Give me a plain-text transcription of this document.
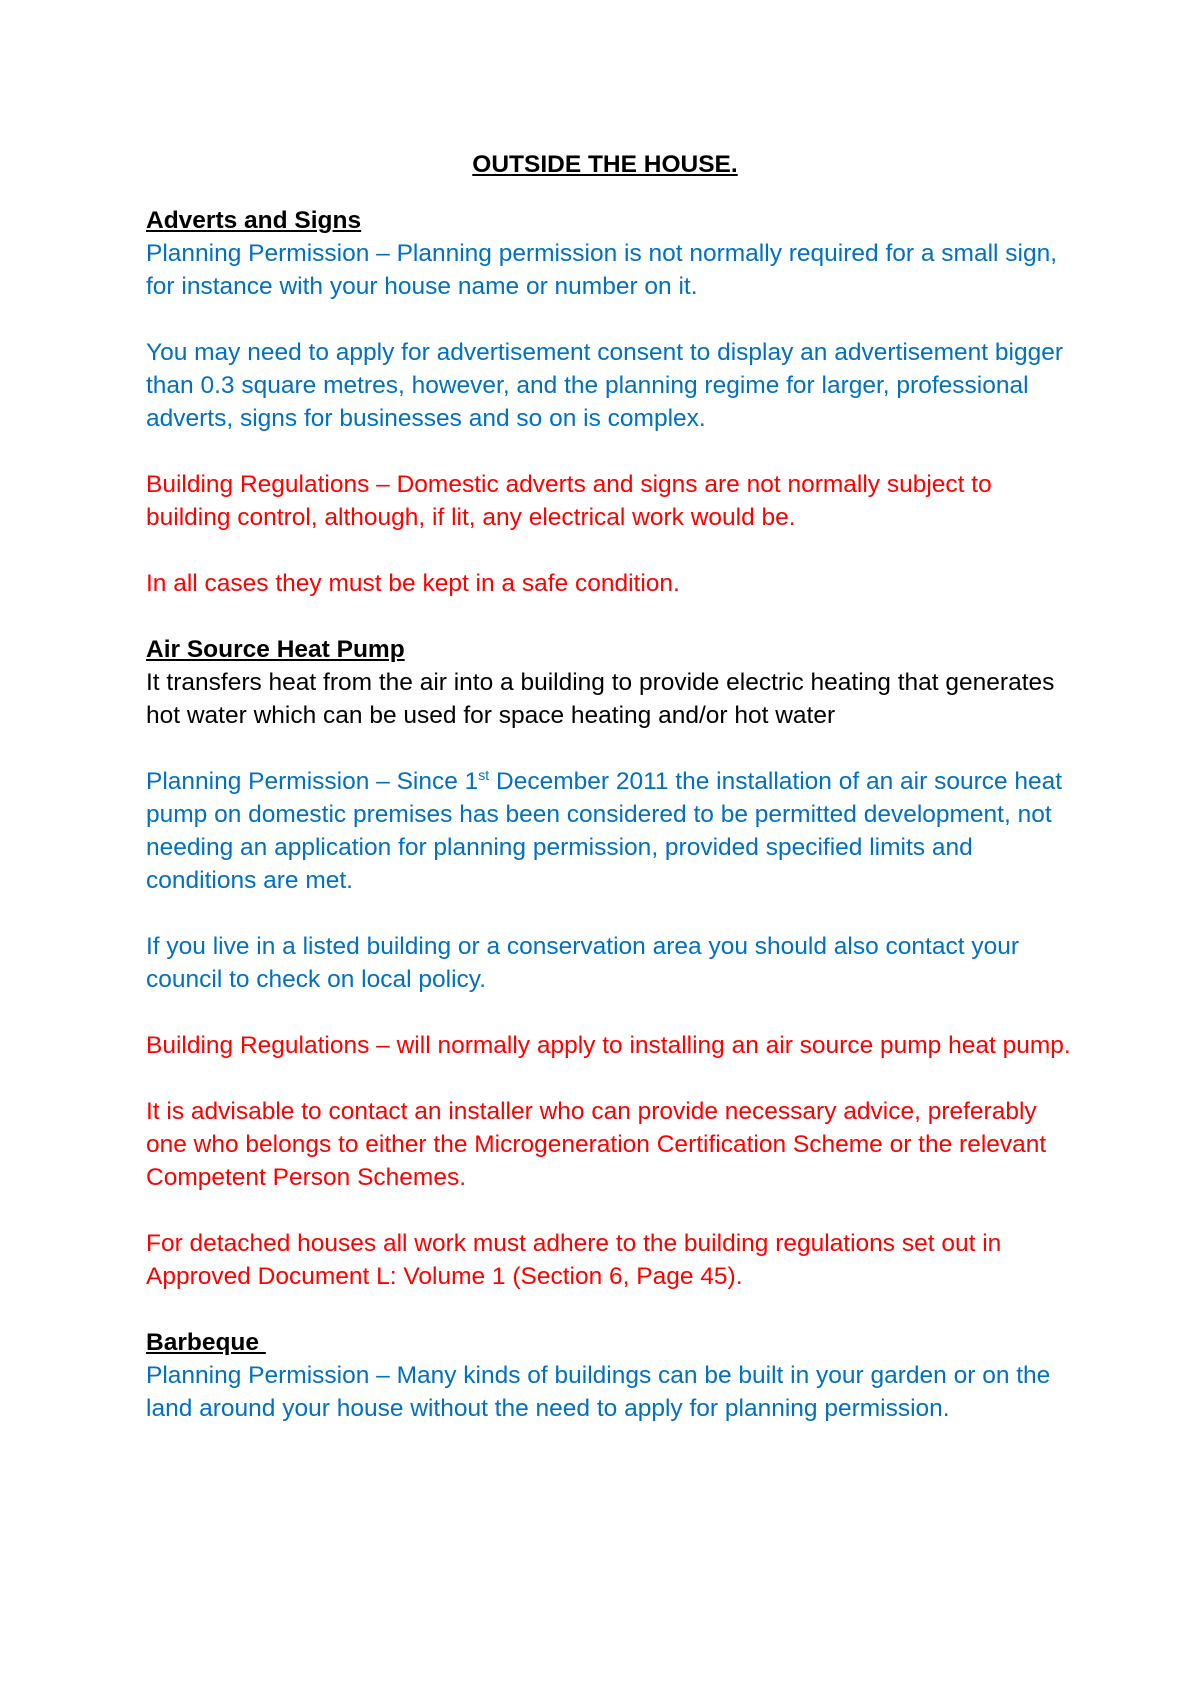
OUTSIDE THE HOUSE.
Adverts and Signs

Planning Permission – Planning permission is not normally required for a small sign, for instance with your house name or number on it.

You may need to apply for advertisement consent to display an advertisement bigger than 0.3 square metres, however, and the planning regime for larger, professional adverts, signs for businesses and so on is complex.

Building Regulations – Domestic adverts and signs are not normally subject to building control, although, if lit, any electrical work would be.

In all cases they must be kept in a safe condition.

Air Source Heat Pump

It transfers heat from the air into a building to provide electric heating that generates hot water which can be used for space heating and/or hot water

Planning Permission – Since 1st December 2011 the installation of an air source heat pump on domestic premises has been considered to be permitted development, not needing an application for planning permission, provided specified limits and conditions are met.

If you live in a listed building or a conservation area you should also contact your council to check on local policy.

Building Regulations – will normally apply to installing an air source pump heat pump.

It is advisable to contact an installer who can provide necessary advice, preferably one who belongs to either the Microgeneration Certification Scheme or the relevant Competent Person Schemes.

For detached houses all work must adhere to the building regulations set out in Approved Document L: Volume 1 (Section 6, Page 45).

Barbeque

Planning Permission – Many kinds of buildings can be built in your garden or on the land around your house without the need to apply for planning permission.
